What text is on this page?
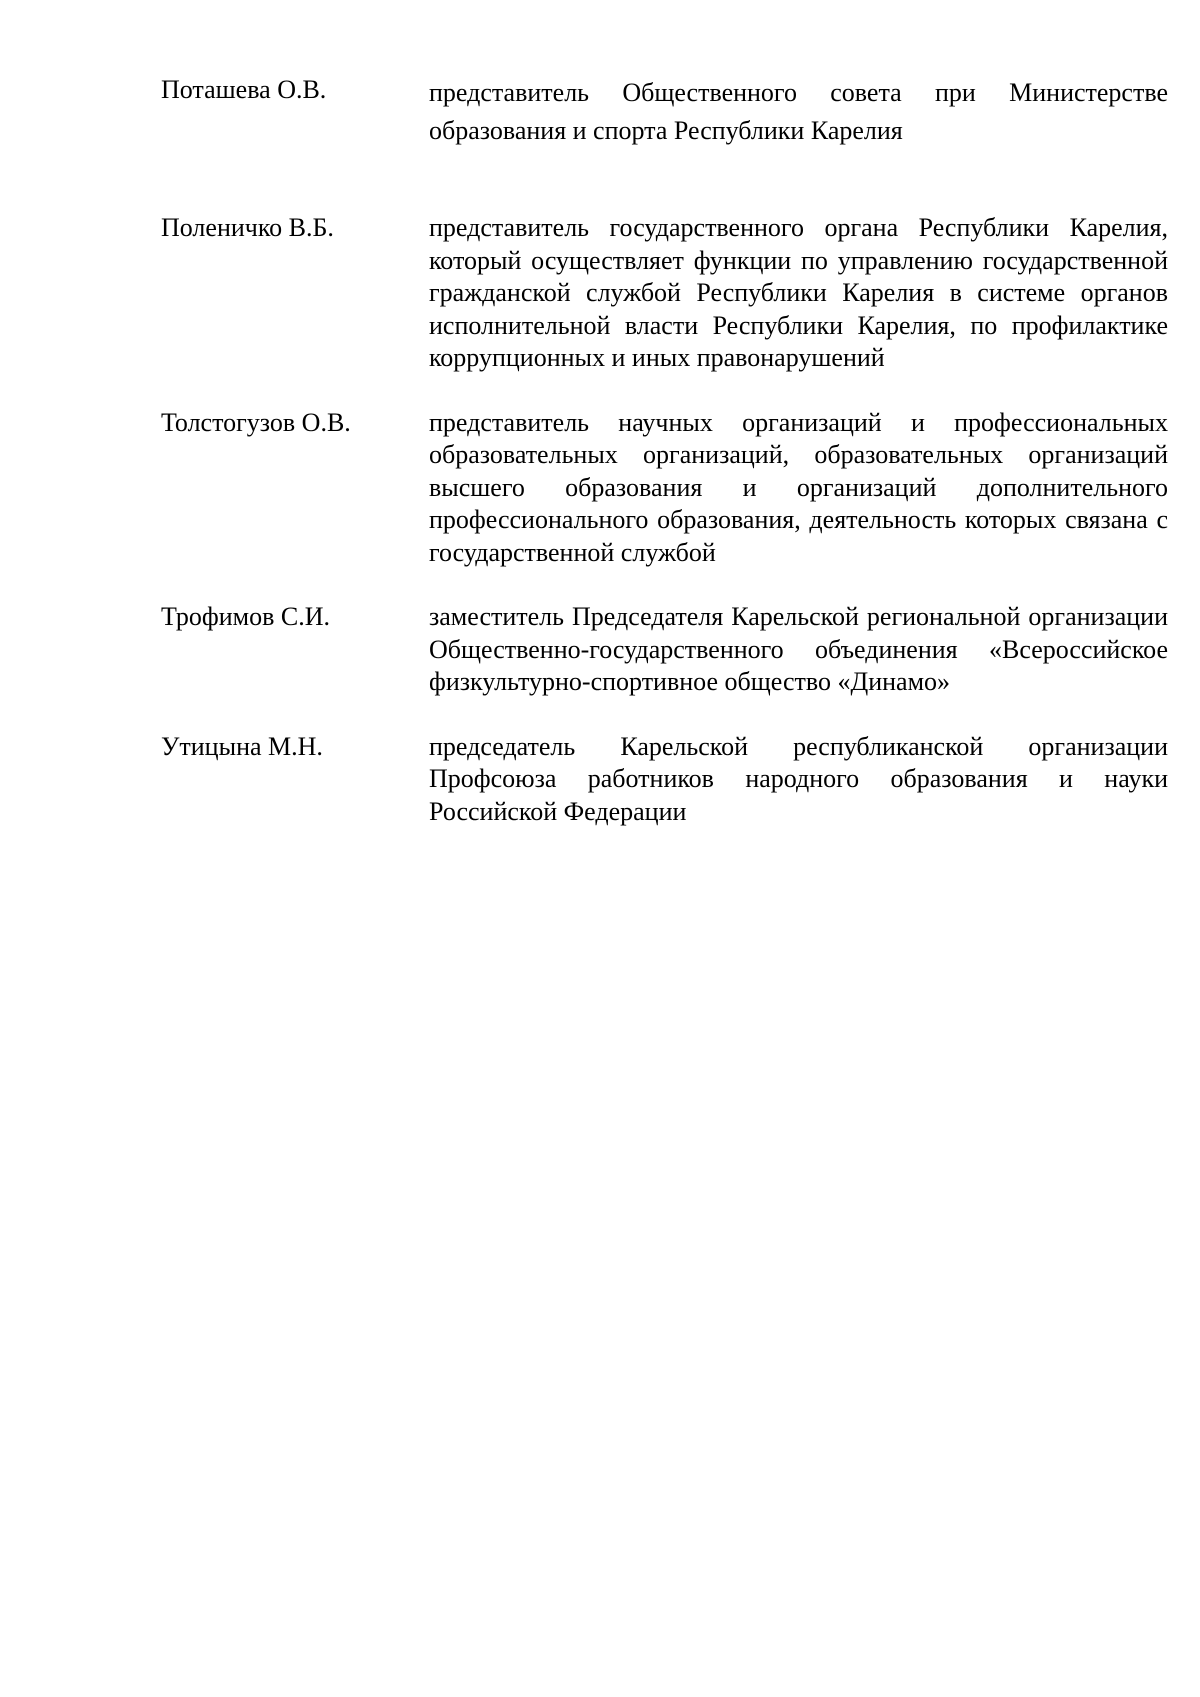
Поташева О.В.	представитель Общественного совета при Министерстве образования и спорта Республики Карелия
Поленичко В.Б.	представитель государственного органа Республики Карелия, который осуществляет функции по управлению государственной гражданской службой Республики Карелия в системе органов исполнительной власти Республики Карелия, по профилактике коррупционных и иных правонарушений
Толстогузов О.В.	представитель научных организаций и профессиональных образовательных организаций, образовательных организаций высшего образования и организаций дополнительного профессионального образования, деятельность которых связана с государственной службой
Трофимов С.И.	заместитель Председателя Карельской региональной организации Общественно-государственного объединения «Всероссийское физкультурно-спортивное общество «Динамо»
Утицына М.Н.	председатель Карельской республиканской организации Профсоюза работников народного образования и науки Российской Федерации
